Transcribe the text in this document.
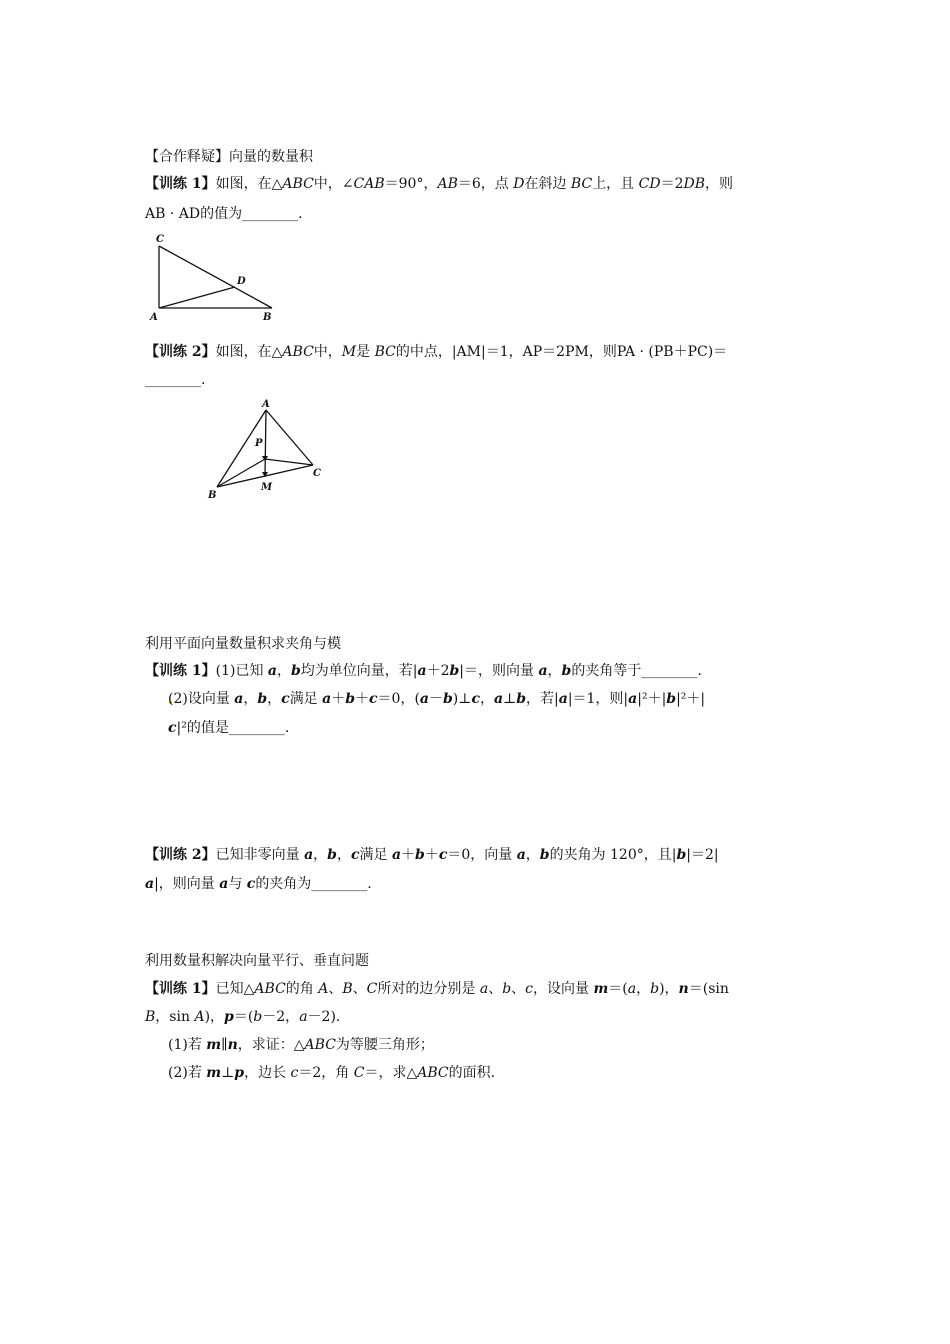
【合作释疑】向量的数量积
【训练 1】如图，在△ABC中，∠CAB＝90°，AB＝6，点 D在斜边 BC上，且 CD＝2DB，则
AB · AD的值为________.
C
D
A	B
【训练 2】如图，在△ABC中，M是 BC的中点，|AM|＝1，AP＝2PM，则PA · (PB＋PC)＝
________.
A
P
M
B
C
利用平面向量数量积求夹角与模
【训练 1】(1)已知 a，b均为单位向量，若|a＋2b|＝，则向量 a，b的夹角等于________.
(2)设向量 a，b，c满足 a＋b＋c＝0，(a－b)⊥c，a⊥b，若|a|＝1，则|a|²＋|b|²＋|
c|²的值是________.
【训练 2】已知非零向量 a，b，c满足 a＋b＋c＝0，向量 a，b的夹角为 120°，且|b|＝2|
a|，则向量 a与 c的夹角为________.
利用数量积解决向量平行、垂直问题
【训练 1】已知△ABC的角 A、B、C所对的边分别是 a、b、c，设向量 m＝(a，b)，n＝(sin
B，sin A)，p＝(b－2，a－2).
(1)若 m∥n，求证：△ABC为等腰三角形；
(2)若 m⊥p，边长 c＝2，角 C＝，求△ABC的面积.
